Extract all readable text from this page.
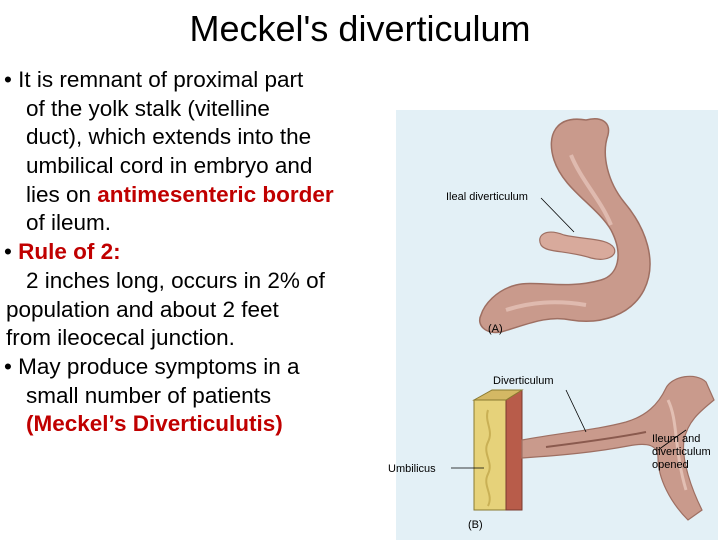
Meckel's diverticulum
• It is remnant of proximal part
of the yolk stalk (vitelline
duct), which extends into the
umbilical cord in embryo and
lies on antimesenteric border
of ileum.
• Rule of 2:
2 inches long, occurs in 2% of
population and about 2 feet
from ileocecal junction.
• May produce symptoms in a
small number of patients
(Meckel’s Diverticulutis)
Ileal diverticulum
(A)
Diverticulum
Umbilicus
Ileum and
diverticulum
opened
(B)
